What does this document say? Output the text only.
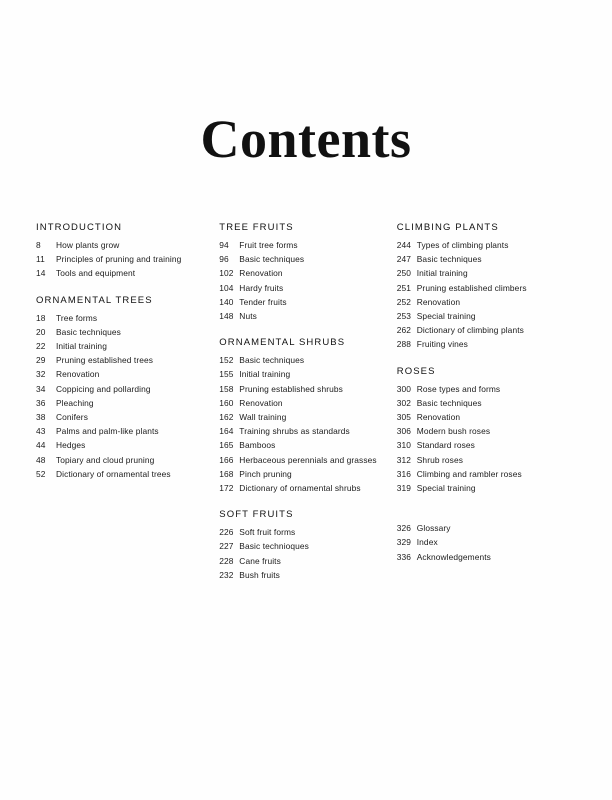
Contents
INTRODUCTION
8	How plants grow
11	Principles of pruning and training
14	Tools and equipment
ORNAMENTAL TREES
18	Tree forms
20	Basic techniques
22	Initial training
29	Pruning established trees
32	Renovation
34	Coppicing and pollarding
36	Pleaching
38	Conifers
43	Palms and palm-like plants
44	Hedges
48	Topiary and cloud pruning
52	Dictionary of ornamental trees
TREE FRUITS
94	Fruit tree forms
96	Basic techniques
102 Renovation
104 Hardy fruits
140 Tender fruits
148 Nuts
ORNAMENTAL SHRUBS
152 Basic techniques
155 Initial training
158 Pruning established shrubs
160 Renovation
162 Wall training
164 Training shrubs as standards
165 Bamboos
166 Herbaceous perennials and grasses
168 Pinch pruning
172 Dictionary of ornamental shrubs
SOFT FRUITS
226 Soft fruit forms
227 Basic technioques
228 Cane fruits
232 Bush fruits
CLIMBING PLANTS
244 Types of climbing plants
247 Basic techniques
250 Initial training
251 Pruning established climbers
252 Renovation
253 Special training
262 Dictionary of climbing plants
288 Fruiting vines
ROSES
300 Rose types and forms
302 Basic techniques
305 Renovation
306 Modern bush roses
310 Standard roses
312 Shrub roses
316 Climbing and rambler roses
319 Special training
326 Glossary
329 Index
336 Acknowledgements
